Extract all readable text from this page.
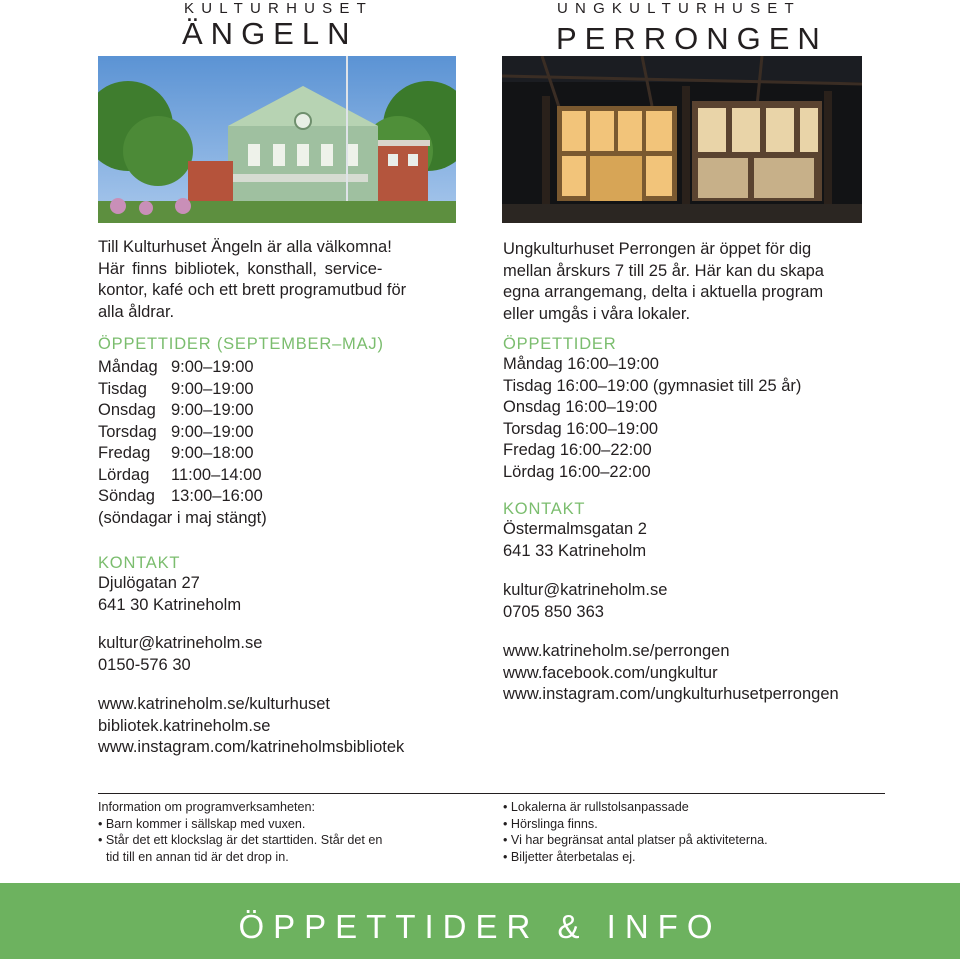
KULTURHUSET
ÄNGELN
UNGKULTURHUSET
PERRONGEN
Till Kulturhuset Ängeln är alla välkomna!
Här finns bibliotek, konsthall, service-
kontor, kafé och ett brett programutbud för
alla åldrar.
ÖPPETTIDER (SEPTEMBER–MAJ)
Måndag 9:00–19:00
Tisdag	9:00–19:00
Onsdag 9:00–19:00
Torsdag 9:00–19:00
Fredag	9:00–18:00
Lördag	11:00–14:00
Söndag 13:00–16:00
(söndagar i maj stängt)
KONTAKT
Djulögatan 27
641 30 Katrineholm
kultur@katrineholm.se
0150-576 30
www.katrineholm.se/kulturhuset
bibliotek.katrineholm.se
www.instagram.com/katrineholmsbibliotek
Ungkulturhuset Perrongen är öppet för dig
mellan årskurs 7 till 25 år. Här kan du skapa
egna arrangemang, delta i aktuella program
eller umgås i våra lokaler.
ÖPPETTIDER
Måndag 16:00–19:00
Tisdag 16:00–19:00 (gymnasiet till 25 år)
Onsdag 16:00–19:00
Torsdag 16:00–19:00
Fredag 16:00–22:00
Lördag 16:00–22:00
KONTAKT
Östermalmsgatan 2
641 33 Katrineholm
kultur@katrineholm.se
0705 850 363
www.katrineholm.se/perrongen
www.facebook.com/ungkultur
www.instagram.com/ungkulturhusetperrongen
Information om programverksamheten:
• Barn kommer i sällskap med vuxen.
• Står det ett klockslag är det starttiden. Står det en
tid till en annan tid är det drop in.
• Lokalerna är rullstolsanpassade
• Hörslinga finns.
• Vi har begränsat antal platser på aktiviteterna.
• Biljetter återbetalas ej.
ÖPPETTIDER & INFO
